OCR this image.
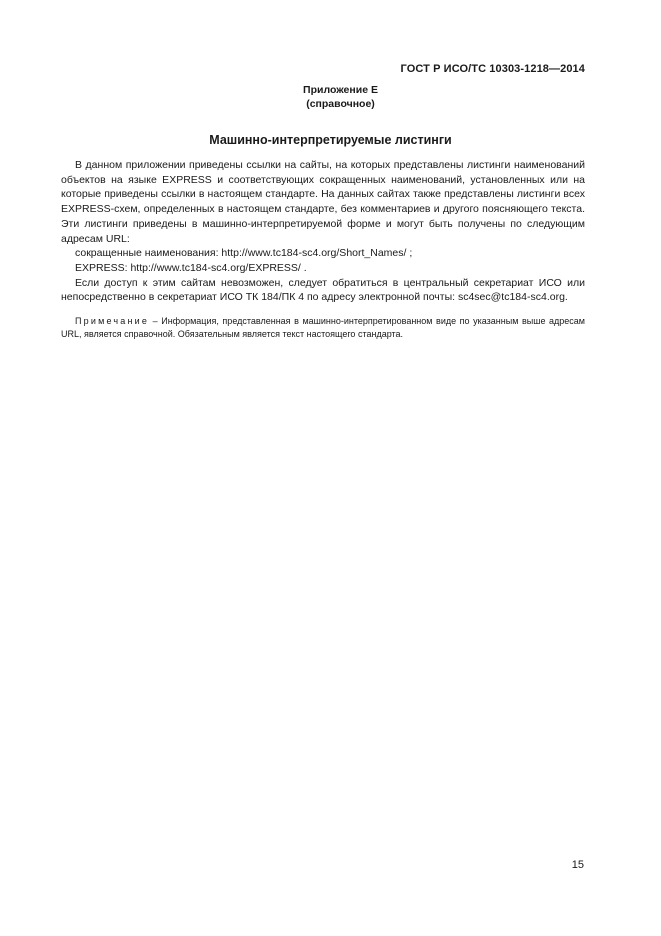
ГОСТ Р ИСО/ТС 10303-1218—2014
Приложение Е
(справочное)
Машинно-интерпретируемые листинги

В данном приложении приведены ссылки на сайты, на которых представлены листинги наименований объектов на языке EXPRESS и соответствующих сокращенных наименований, установленных или на которые приведены ссылки в настоящем стандарте. На данных сайтах также представлены листинги всех EXPRESS-схем, определенных в настоящем стандарте, без комментариев и другого поясняющего текста. Эти листинги приведены в машинно-интерпретируемой форме и могут быть получены по следующим адресам URL:

сокращенные наименования: http://www.tc184-sc4.org/Short_Names/ ;
EXPRESS: http://www.tc184-sc4.org/EXPRESS/ .

Если доступ к этим сайтам невозможен, следует обратиться в центральный секретариат ИСО или непосредственно в секретариат ИСО ТК 184/ПК 4 по адресу электронной почты: sc4sec@tc184-sc4.org.

Примечание – Информация, представленная в машинно-интерпретированном виде по указанным выше адресам URL, является справочной. Обязательным является текст настоящего стандарта.
15
